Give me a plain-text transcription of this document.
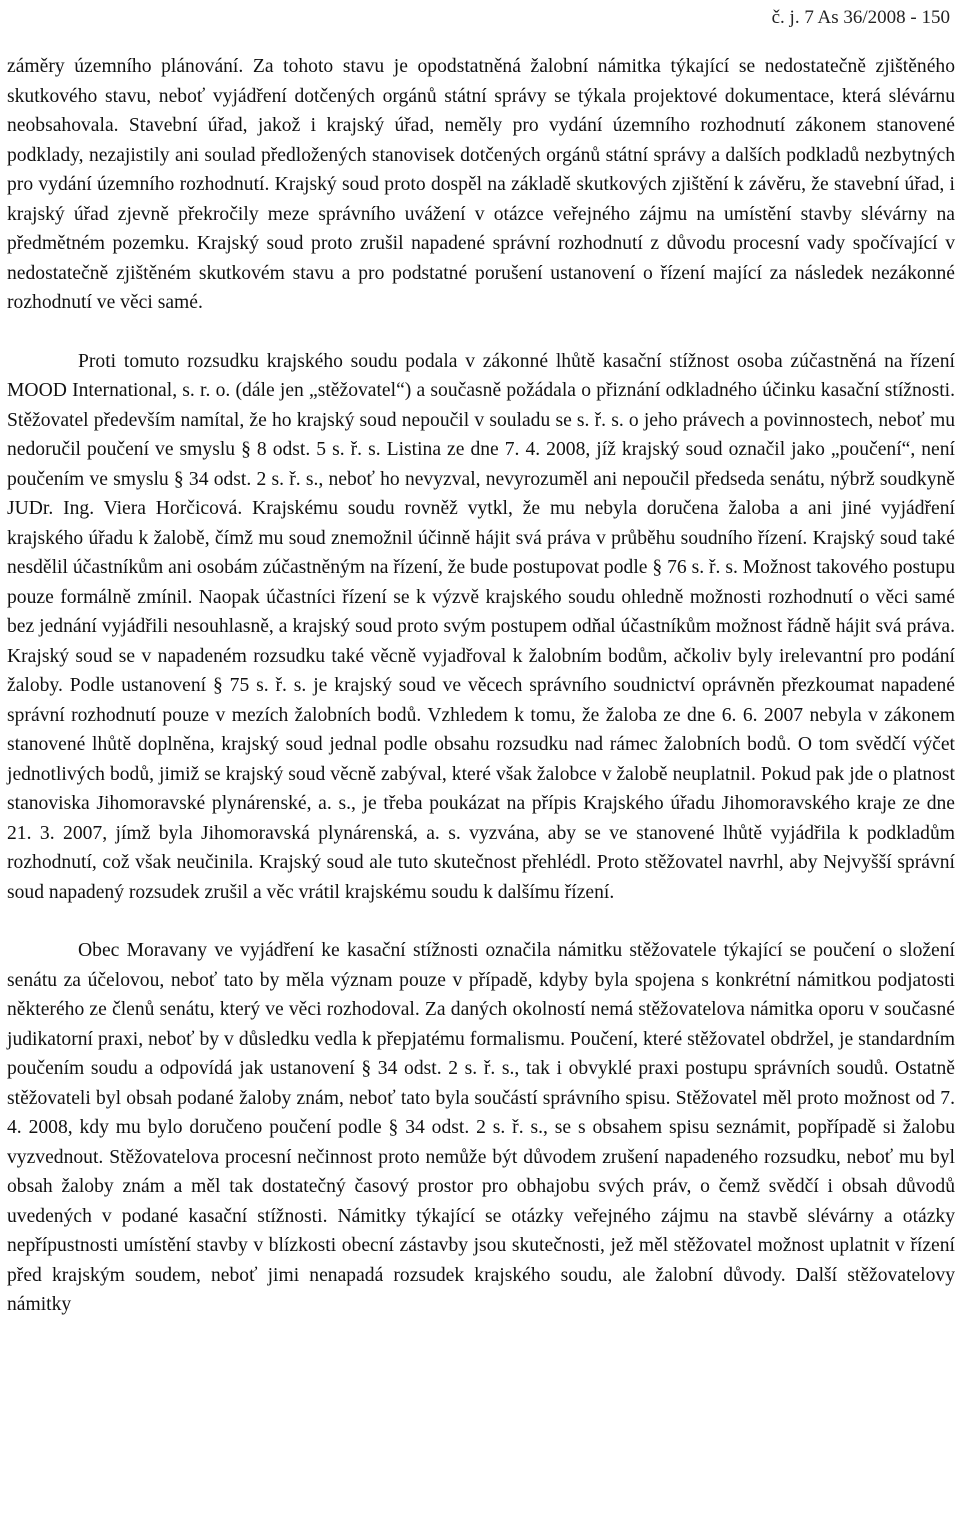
č. j. 7 As 36/2008 - 150

záměry územního plánování. Za tohoto stavu je opodstatněná žalobní námitka týkající se nedostatečně zjištěného skutkového stavu, neboť vyjádření dotčených orgánů státní správy se týkala projektové dokumentace, která slévárnu neobsahovala. Stavební úřad, jakož i krajský úřad, neměly pro vydání územního rozhodnutí zákonem stanovené podklady, nezajistily ani soulad předložených stanovisek dotčených orgánů státní správy a dalších podkladů nezbytných pro vydání územního rozhodnutí. Krajský soud proto dospěl na základě skutkových zjištění k závěru, že stavební úřad, i krajský úřad zjevně překročily meze správního uvážení v otázce veřejného zájmu na umístění stavby slévárny na předmětném pozemku. Krajský soud proto zrušil napadené správní rozhodnutí z důvodu procesní vady spočívající v nedostatečně zjištěném skutkovém stavu a pro podstatné porušení ustanovení o řízení mající za následek nezákonné rozhodnutí ve věci samé.

Proti tomuto rozsudku krajského soudu podala v zákonné lhůtě kasační stížnost osoba zúčastněná na řízení MOOD International, s. r. o. (dále jen „stěžovatel“) a současně požádala o přiznání odkladného účinku kasační stížnosti. Stěžovatel především namítal, že ho krajský soud nepoučil v souladu se s. ř. s. o jeho právech a povinnostech, neboť mu nedoručil poučení ve smyslu § 8 odst. 5 s. ř. s. Listina ze dne 7. 4. 2008, jíž krajský soud označil jako „poučení“, není poučením ve smyslu § 34 odst. 2 s. ř. s., neboť ho nevyzval, nevyrozuměl ani nepoučil předseda senátu, nýbrž soudkyně JUDr. Ing. Viera Horčicová. Krajskému soudu rovněž vytkl, že mu nebyla doručena žaloba a ani jiné vyjádření krajského úřadu k žalobě, čímž mu soud znemožnil účinně hájit svá práva v průběhu soudního řízení. Krajský soud také nesdělil účastníkům ani osobám zúčastněným na řízení, že bude postupovat podle § 76 s. ř. s. Možnost takového postupu pouze formálně zmínil. Naopak účastníci řízení se k výzvě krajského soudu ohledně možnosti rozhodnutí o věci samé bez jednání vyjádřili nesouhlasně, a krajský soud proto svým postupem odňal účastníkům možnost řádně hájit svá práva. Krajský soud se v napadeném rozsudku také věcně vyjadřoval k žalobním bodům, ačkoliv byly irelevantní pro podání žaloby. Podle ustanovení § 75 s. ř. s. je krajský soud ve věcech správního soudnictví oprávněn přezkoumat napadené správní rozhodnutí pouze v mezích žalobních bodů. Vzhledem k tomu, že žaloba ze dne 6. 6. 2007 nebyla v zákonem stanovené lhůtě doplněna, krajský soud jednal podle obsahu rozsudku nad rámec žalobních bodů. O tom svědčí výčet jednotlivých bodů, jimiž se krajský soud věcně zabýval, které však žalobce v žalobě neuplatnil. Pokud pak jde o platnost stanoviska Jihomoravské plynárenské, a. s., je třeba poukázat na přípis Krajského úřadu Jihomoravského kraje ze dne 21. 3. 2007, jímž byla Jihomoravská plynárenská, a. s. vyzvána, aby se ve stanovené lhůtě vyjádřila k podkladům rozhodnutí, což však neučinila. Krajský soud ale tuto skutečnost přehlédl. Proto stěžovatel navrhl, aby Nejvyšší správní soud napadený rozsudek zrušil a věc vrátil krajskému soudu k dalšímu řízení.

Obec Moravany ve vyjádření ke kasační stížnosti označila námitku stěžovatele týkající se poučení o složení senátu za účelovou, neboť tato by měla význam pouze v případě, kdyby byla spojena s konkrétní námitkou podjatosti některého ze členů senátu, který ve věci rozhodoval. Za daných okolností nemá stěžovatelova námitka oporu v současné judikatorní praxi, neboť by v důsledku vedla k přepjatému formalismu. Poučení, které stěžovatel obdržel, je standardním poučením soudu a odpovídá jak ustanovení § 34 odst. 2 s. ř. s., tak i obvyklé praxi postupu správních soudů. Ostatně stěžovateli byl obsah podané žaloby znám, neboť tato byla součástí správního spisu. Stěžovatel měl proto možnost od 7. 4. 2008, kdy mu bylo doručeno poučení podle § 34 odst. 2 s. ř. s., se s obsahem spisu seznámit, popřípadě si žalobu vyzvednout. Stěžovatelova procesní nečinnost proto nemůže být důvodem zrušení napadeného rozsudku, neboť mu byl obsah žaloby znám a měl tak dostatečný časový prostor pro obhajobu svých práv, o čemž svědčí i obsah důvodů uvedených v podané kasační stížnosti. Námitky týkající se otázky veřejného zájmu na stavbě slévárny a otázky nepřípustnosti umístění stavby v blízkosti obecní zástavby jsou skutečnosti, jež měl stěžovatel možnost uplatnit v řízení před krajským soudem, neboť jimi nenapadá rozsudek krajského soudu, ale žalobní důvody. Další stěžovatelovy námitky
